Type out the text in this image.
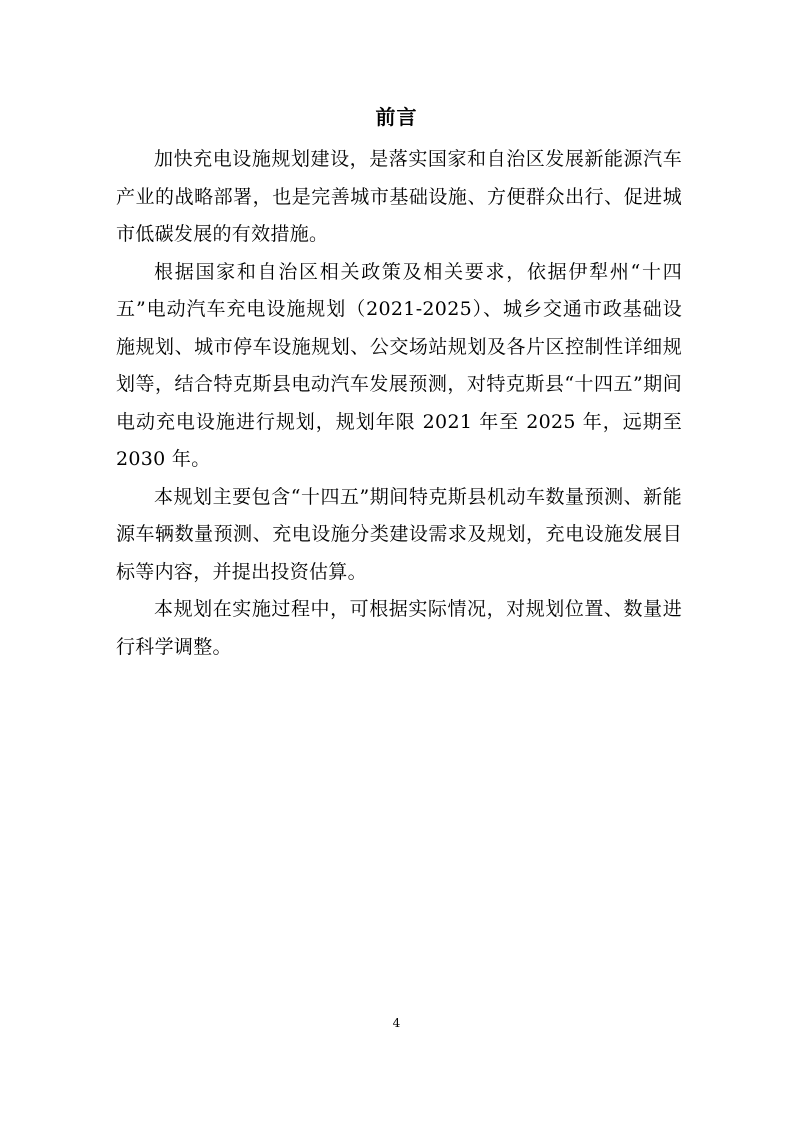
前言

加快充电设施规划建设，是落实国家和自治区发展新能源汽车产业的战略部署，也是完善城市基础设施、方便群众出行、促进城市低碳发展的有效措施。

根据国家和自治区相关政策及相关要求，依据伊犁州“十四五”电动汽车充电设施规划（2021-2025）、城乡交通市政基础设施规划、城市停车设施规划、公交场站规划及各片区控制性详细规划等，结合特克斯县电动汽车发展预测，对特克斯县“十四五”期间电动充电设施进行规划，规划年限 2021 年至 2025 年，远期至 2030 年。

本规划主要包含“十四五”期间特克斯县机动车数量预测、新能源车辆数量预测、充电设施分类建设需求及规划，充电设施发展目标等内容，并提出投资估算。

本规划在实施过程中，可根据实际情况，对规划位置、数量进行科学调整。

4
